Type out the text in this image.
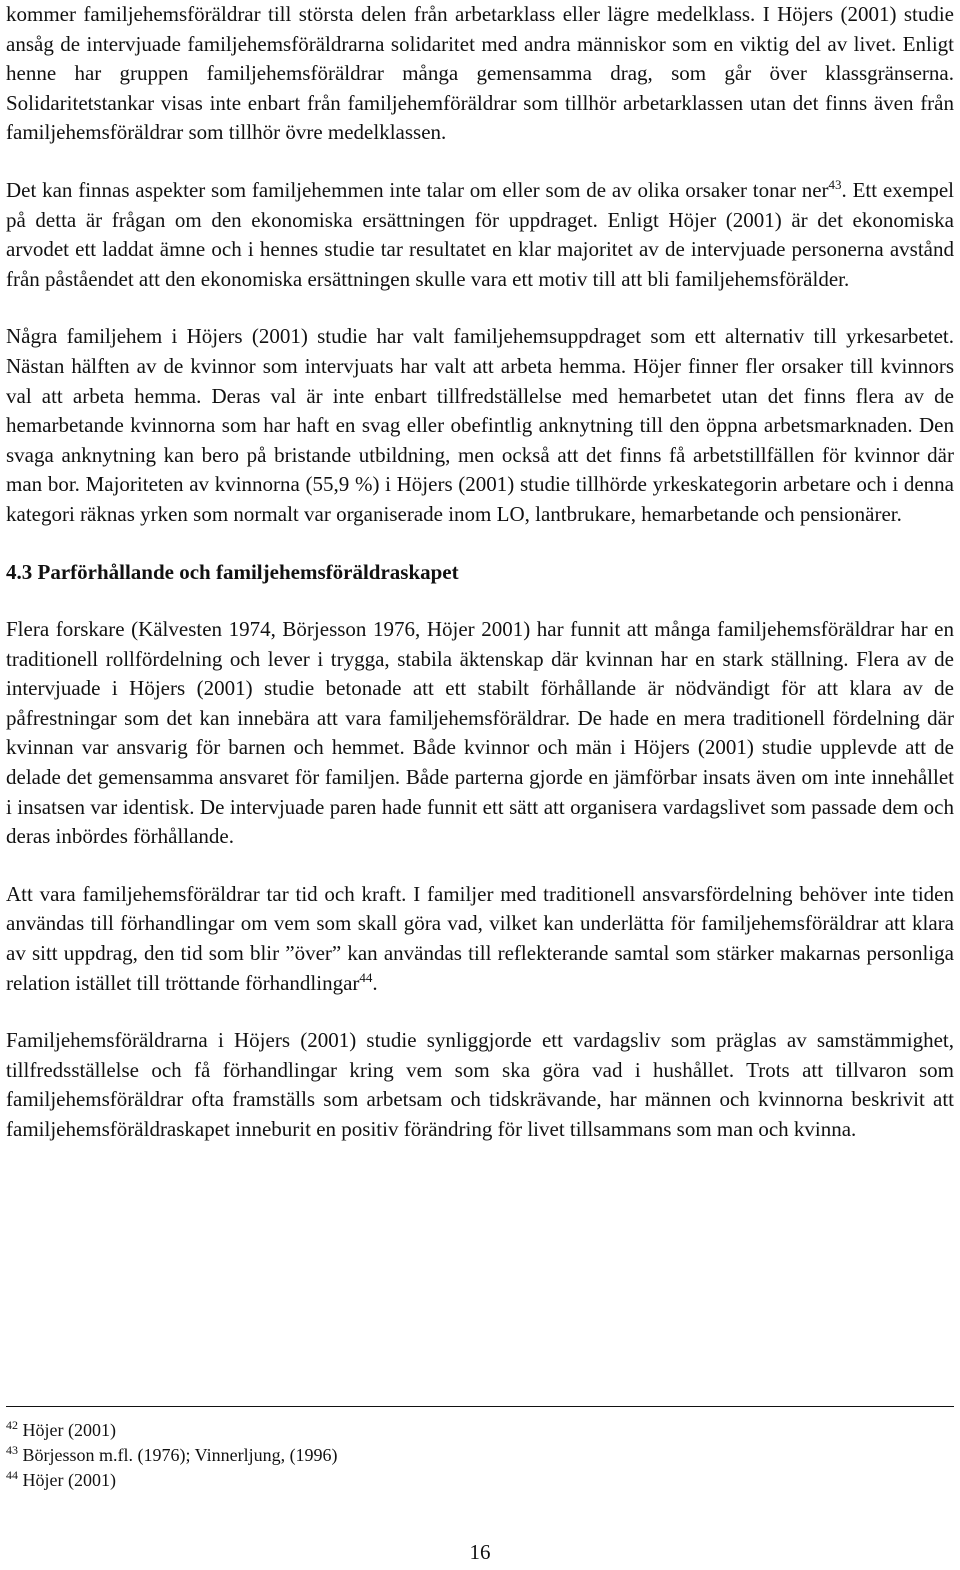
kommer familjehemsföräldrar till största delen från arbetarklass eller lägre medelklass. I Höjers (2001) studie ansåg de intervjuade familjehemsföräldrarna solidaritet med andra människor som en viktig del av livet. Enligt henne har gruppen familjehemsföräldrar många gemensamma drag, som går över klassgränserna. Solidaritetstankar visas inte enbart från familjehemföräldrar som tillhör arbetarklassen utan det finns även från familjehemsföräldrar som tillhör övre medelklassen.

Det kan finnas aspekter som familjehemmen inte talar om eller som de av olika orsaker tonar ner$^{43}$. Ett exempel på detta är frågan om den ekonomiska ersättningen för uppdraget. Enligt Höjer (2001) är det ekonomiska arvodet ett laddat ämne och i hennes studie tar resultatet en klar majoritet av de intervjuade personerna avstånd från påståendet att den ekonomiska ersättningen skulle vara ett motiv till att bli familjehemsförälder.

Några familjehem i Höjers (2001) studie har valt familjehemsuppdraget som ett alternativ till yrkesarbetet. Nästan hälften av de kvinnor som intervjuats har valt att arbeta hemma. Höjer finner fler orsaker till kvinnors val att arbeta hemma. Deras val är inte enbart tillfredställelse med hemarbetet utan det finns flera av de hemarbetande kvinnorna som har haft en svag eller obefintlig anknytning till den öppna arbetsmarknaden. Den svaga anknytning kan bero på bristande utbildning, men också att det finns få arbetstillfällen för kvinnor där man bor. Majoriteten av kvinnorna (55,9 %) i Höjers (2001) studie tillhörde yrkeskategorin arbetare och i denna kategori räknas yrken som normalt var organiserade inom LO, lantbrukare, hemarbetande och pensionärer.

4.3 Parförhållande och familjehemsföräldraskapet

Flera forskare (Kälvesten 1974, Börjesson 1976, Höjer 2001) har funnit att många familjehemsföräldrar har en traditionell rollfördelning och lever i trygga, stabila äktenskap där kvinnan har en stark ställning. Flera av de intervjuade i Höjers (2001) studie betonade att ett stabilt förhållande är nödvändigt för att klara av de påfrestningar som det kan innebära att vara familjehemsföräldrar. De hade en mera traditionell fördelning där kvinnan var ansvarig för barnen och hemmet. Både kvinnor och män i Höjers (2001) studie upplevde att de delade det gemensamma ansvaret för familjen. Både parterna gjorde en jämförbar insats även om inte innehållet i insatsen var identisk. De intervjuade paren hade funnit ett sätt att organisera vardagslivet som passade dem och deras inbördes förhållande.

Att vara familjehemsföräldrar tar tid och kraft. I familjer med traditionell ansvarsfördelning behöver inte tiden användas till förhandlingar om vem som skall göra vad, vilket kan underlätta för familjehemsföräldrar att klara av sitt uppdrag, den tid som blir ”över” kan användas till reflekterande samtal som stärker makarnas personliga relation istället till tröttande förhandlingar$^{44}$.

Familjehemsföräldrarna i Höjers (2001) studie synliggjorde ett vardagsliv som präglas av samstämmighet, tillfredsställelse och få förhandlingar kring vem som ska göra vad i hushållet. Trots att tillvaron som familjehemsföräldrar ofta framställs som arbetsam och tidskrävande, har männen och kvinnorna beskrivit att familjehemsföräldraskapet inneburit en positiv förändring för livet tillsammans som man och kvinna.

$^{42}$ Höjer (2001)
$^{43}$ Börjesson m.fl. (1976); Vinnerljung, (1996)
$^{44}$ Höjer (2001)
16
